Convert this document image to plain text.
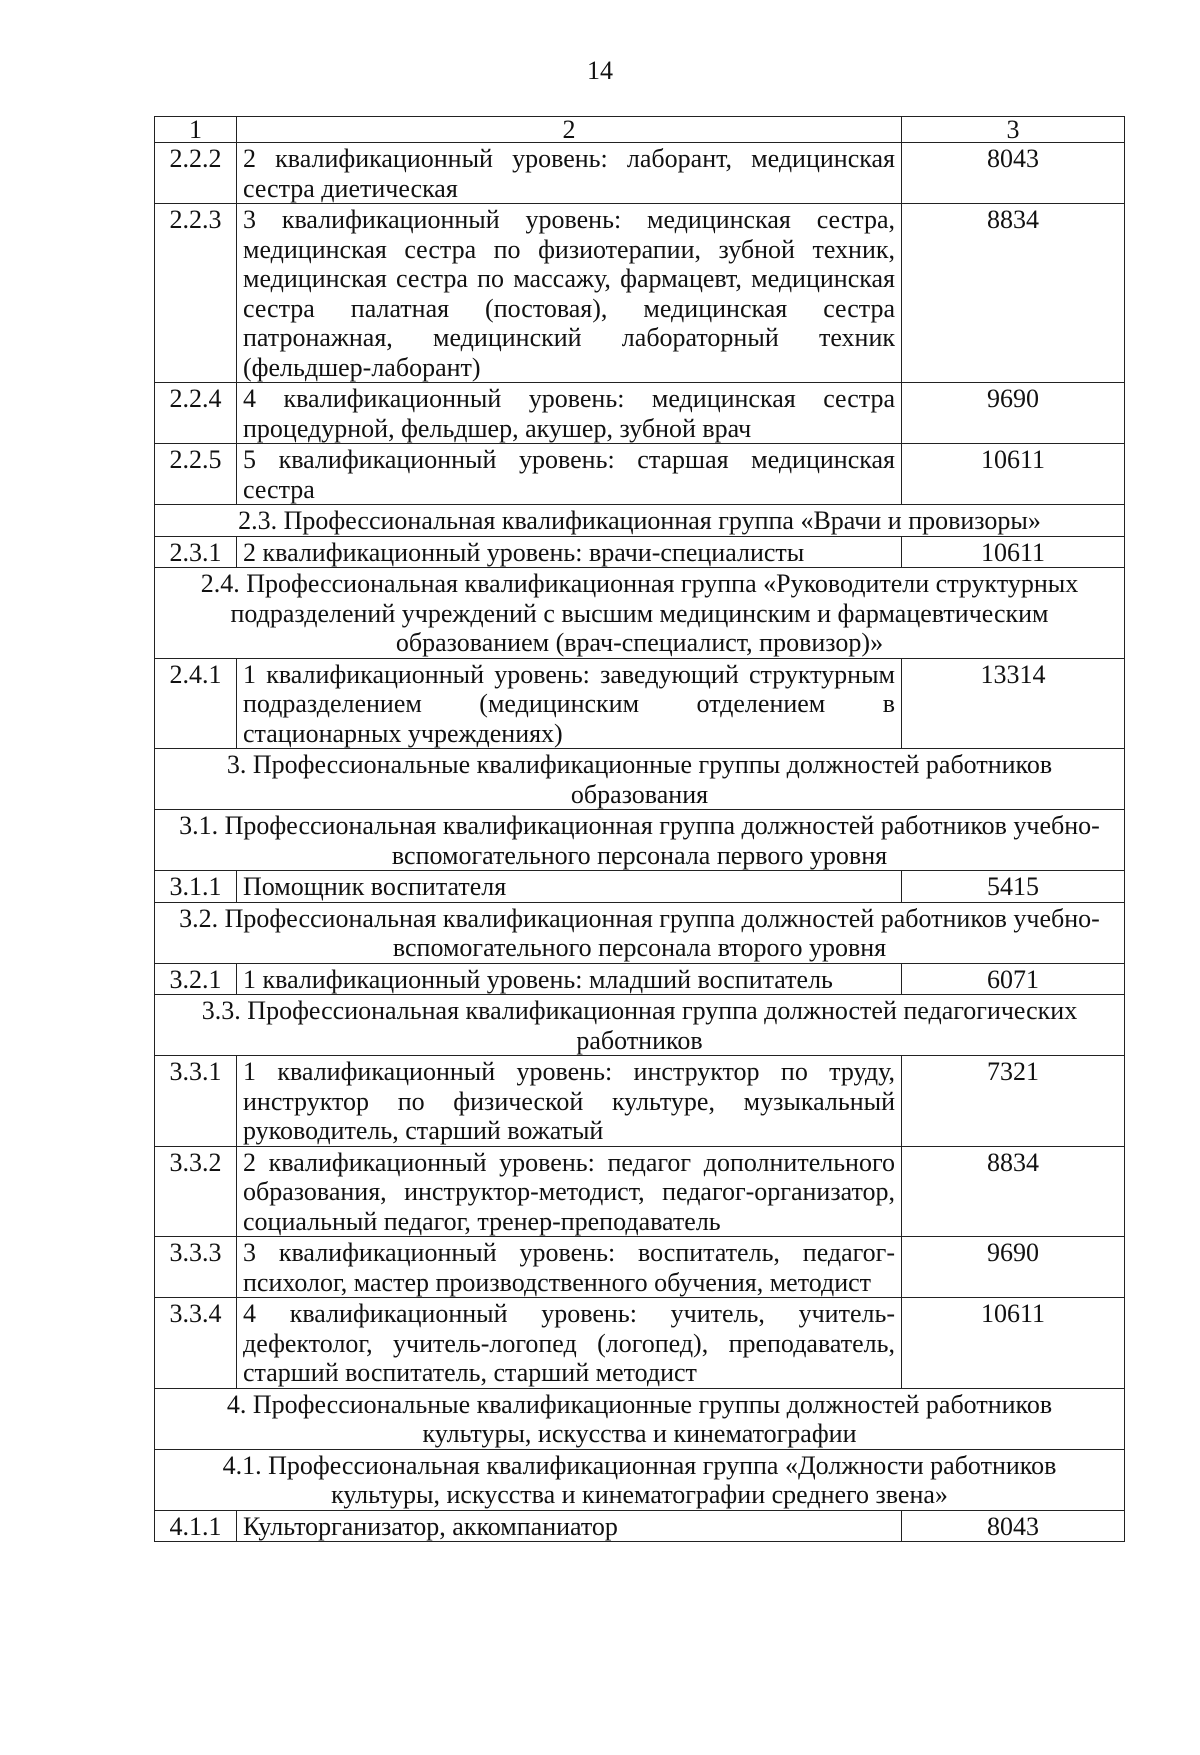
14
1	2	3
2.2.2	2 квалификационный уровень: лаборант, медицинская сестра диетическая	8043
2.2.3	3 квалификационный уровень: медицинская сестра, медицинская сестра по физиотерапии, зубной техник, медицинская сестра по массажу, фармацевт, медицинская сестра палатная (постовая), медицинская сестра патронажная, медицинский лабораторный техник (фельдшер-лаборант)	8834
2.2.4	4 квалификационный уровень: медицинская сестра процедурной, фельдшер, акушер, зубной врач	9690
2.2.5	5 квалификационный уровень: старшая медицинская сестра	10611
2.3. Профессиональная квалификационная группа «Врачи и провизоры»		
2.3.1	2 квалификационный уровень: врачи-специалисты	10611
2.4. Профессиональная квалификационная группа «Руководители структурных подразделений учреждений с высшим медицинским и фармацевтическим образованием (врач-специалист, провизор)»		
2.4.1	1 квалификационный уровень: заведующий структурным подразделением (медицинским отделением в стационарных учреждениях)	13314
3. Профессиональные квалификационные группы должностей работников образования		
3.1. Профессиональная квалификационная группа должностей работников учебно-вспомогательного персонала первого уровня		
3.1.1	Помощник воспитателя	5415
3.2. Профессиональная квалификационная группа должностей работников учебно-вспомогательного персонала второго уровня		
3.2.1	1 квалификационный уровень: младший воспитатель	6071
3.3. Профессиональная квалификационная группа должностей педагогических работников		
3.3.1	1 квалификационный уровень: инструктор по труду, инструктор по физической культуре, музыкальный руководитель, старший вожатый	7321
3.3.2	2 квалификационный уровень: педагог дополнительного образования, инструктор-методист, педагог-организатор, социальный педагог, тренер-преподаватель	8834
3.3.3	3 квалификационный уровень: воспитатель, педагог-психолог, мастер производственного обучения, методист	9690
3.3.4	4 квалификационный уровень: учитель, учитель-дефектолог, учитель-логопед (логопед), преподаватель, старший воспитатель, старший методист	10611
4. Профессиональные квалификационные группы должностей работников культуры, искусства и кинематографии		
4.1. Профессиональная квалификационная группа «Должности работников культуры, искусства и кинематографии среднего звена»		
4.1.1	Культорганизатор, аккомпаниатор	8043
